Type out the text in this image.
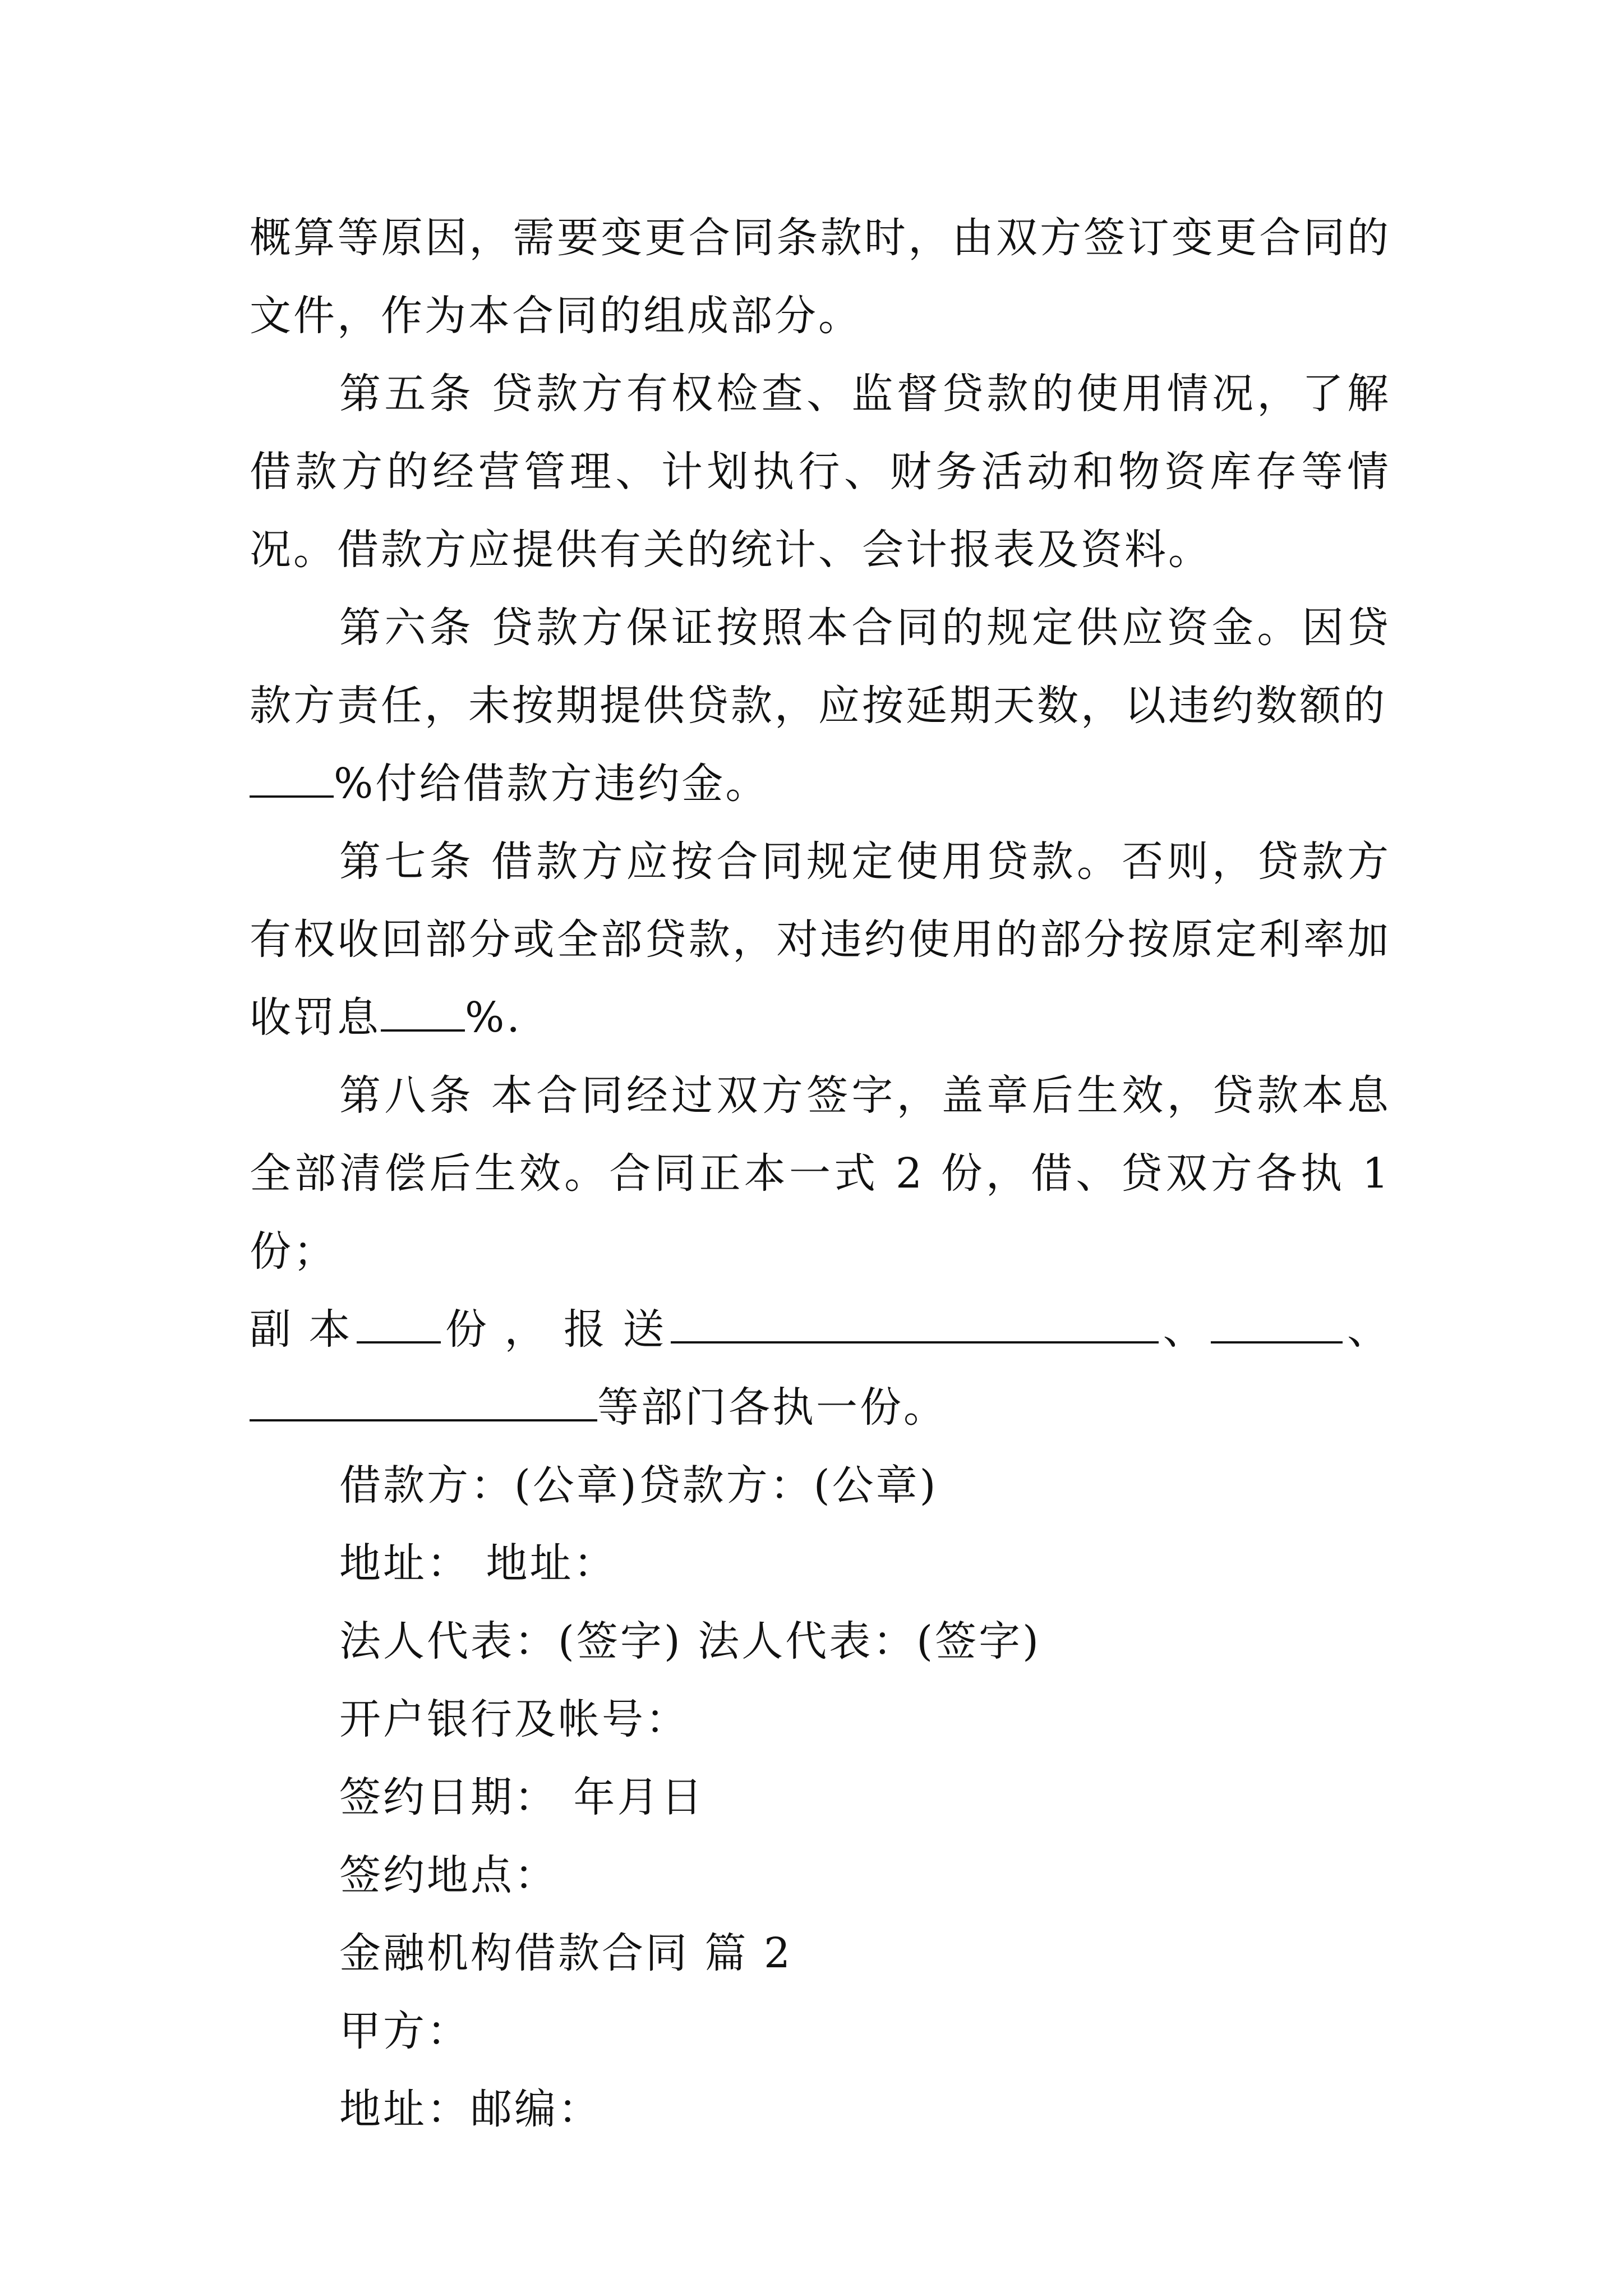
概算等原因，需要变更合同条款时，由双方签订变更合同的文件，作为本合同的组成部分。

第五条 贷款方有权检查、监督贷款的使用情况，了解借款方的经营管理、计划执行、财务活动和物资库存等情况。借款方应提供有关的统计、会计报表及资料。

第六条 贷款方保证按照本合同的规定供应资金。因贷款方责任，未按期提供贷款，应按延期天数，以违约数额的
%付给借款方违约金。

第七条 借款方应按合同规定使用贷款。否则，贷款方有权收回部分或全部贷款，对违约使用的部分按原定利率加收罚息 %.

第八条 本合同经过双方签字，盖章后生效，贷款本息全部清偿后生效。合同正本一式 2 份，借、贷双方各执 1 份；

副 本 份 ， 报 送	、	、

等部门各执一份。

借款方：(公章)贷款方：(公章)

地址： 地址：

法人代表：(签字) 法人代表：(签字)

开户银行及帐号：

签约日期： 年月日

签约地点：

金融机构借款合同 篇 2

甲方：

地址：邮编：
